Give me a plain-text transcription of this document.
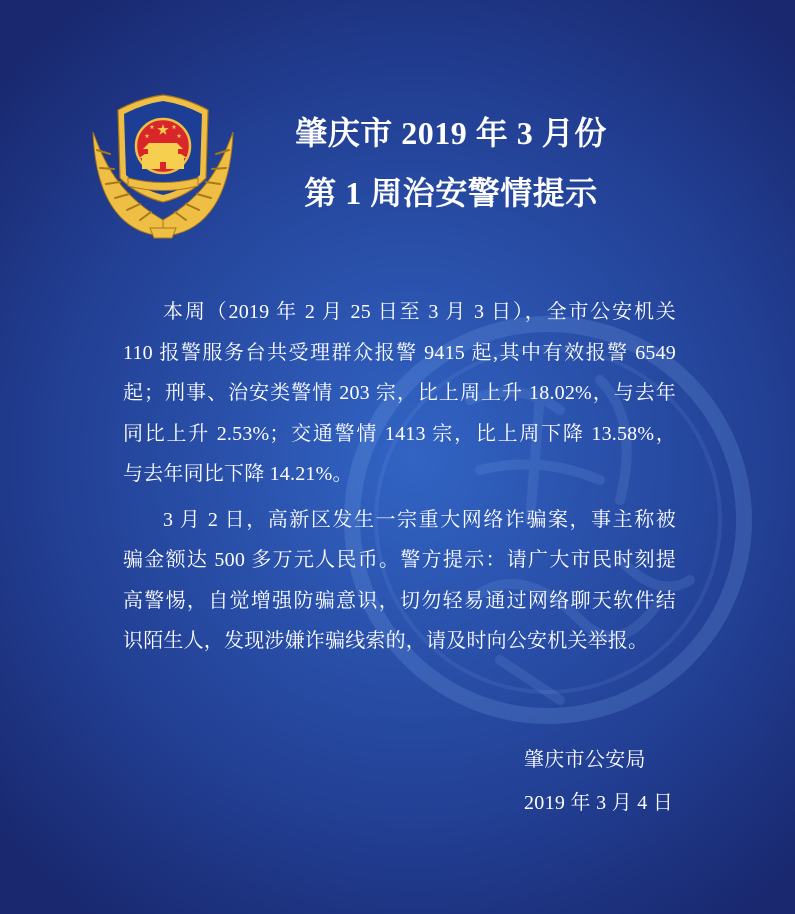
肇庆市 2019 年 3 月份
第 1 周治安警情提示
本周（2019 年 2 月 25 日至 3 月 3 日），全市公安机关
110 报警服务台共受理群众报警 9415 起,其中有效报警 6549
起；刑事、治安类警情 203 宗，比上周上升 18.02%，与去年
同比上升 2.53%；交通警情 1413 宗，比上周下降 13.58%，
与去年同比下降 14.21%。
3 月 2 日，高新区发生一宗重大网络诈骗案，事主称被
骗金额达 500 多万元人民币。警方提示：请广大市民时刻提
高警惕，自觉增强防骗意识，切勿轻易通过网络聊天软件结
识陌生人，发现涉嫌诈骗线索的，请及时向公安机关举报。
肇庆市公安局
2019 年 3 月 4 日
